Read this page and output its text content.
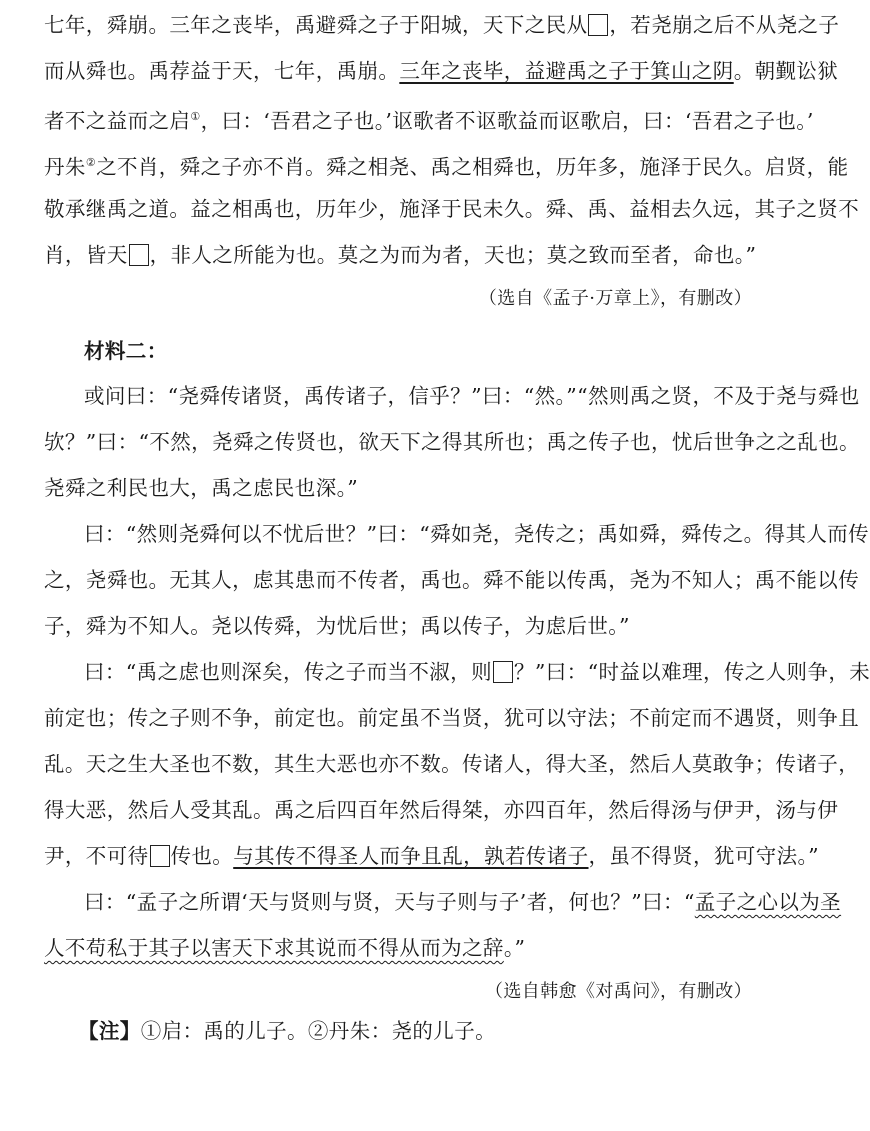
七年，舜崩。三年之丧毕，禹避舜之子于阳城，天下之民从 ，若尧崩之后不从尧之子
而从舜也。禹荐益于天，七年，禹崩。三年之丧毕，益避禹之子于箕山之阴。朝觐讼狱
者不之益而之启①，曰：‘吾君之子也。’讴歌者不讴歌益而讴歌启，曰：‘吾君之子也。’
丹朱②之不肖，舜之子亦不肖。舜之相尧、禹之相舜也，历年多，施泽于民久。启贤，能
敬承继禹之道。益之相禹也，历年少，施泽于民未久。舜、禹、益相去久远，其子之贤不
肖，皆天 ，非人之所能为也。莫之为而为者，天也；莫之致而至者，命也。”
（选自《孟子·万章上》，有删改）
材料二：
或问曰：“尧舜传诸贤，禹传诸子，信乎？”曰：“然。”“然则禹之贤，不及于尧与舜也
欤？”曰：“不然，尧舜之传贤也，欲天下之得其所也；禹之传子也，忧后世争之之乱也。
尧舜之利民也大，禹之虑民也深。”
曰：“然则尧舜何以不忧后世？”曰：“舜如尧，尧传之；禹如舜，舜传之。得其人而传
之，尧舜也。无其人，虑其患而不传者，禹也。舜不能以传禹，尧为不知人；禹不能以传
子，舜为不知人。尧以传舜，为忧后世；禹以传子，为虑后世。”
曰：“禹之虑也则深矣，传之子而当不淑，则 ？”曰：“时益以难理，传之人则争，未
前定也；传之子则不争，前定也。前定虽不当贤，犹可以守法；不前定而不遇贤，则争且
乱。天之生大圣也不数，其生大恶也亦不数。传诸人，得大圣，然后人莫敢争；传诸子，
得大恶，然后人受其乱。禹之后四百年然后得桀，亦四百年，然后得汤与伊尹，汤与伊
尹，不可待 传也。与其传不得圣人而争且乱，孰若传诸子，虽不得贤，犹可守法。”
曰：“孟子之所谓‘天与贤则与贤，天与子则与子’者，何也？”曰：“孟子之心以为圣
人不苟私于其子以害天下求其说而不得从而为之辞。”
（选自韩愈《对禹问》，有删改）
【注】①启：禹的儿子。②丹朱：尧的儿子。
